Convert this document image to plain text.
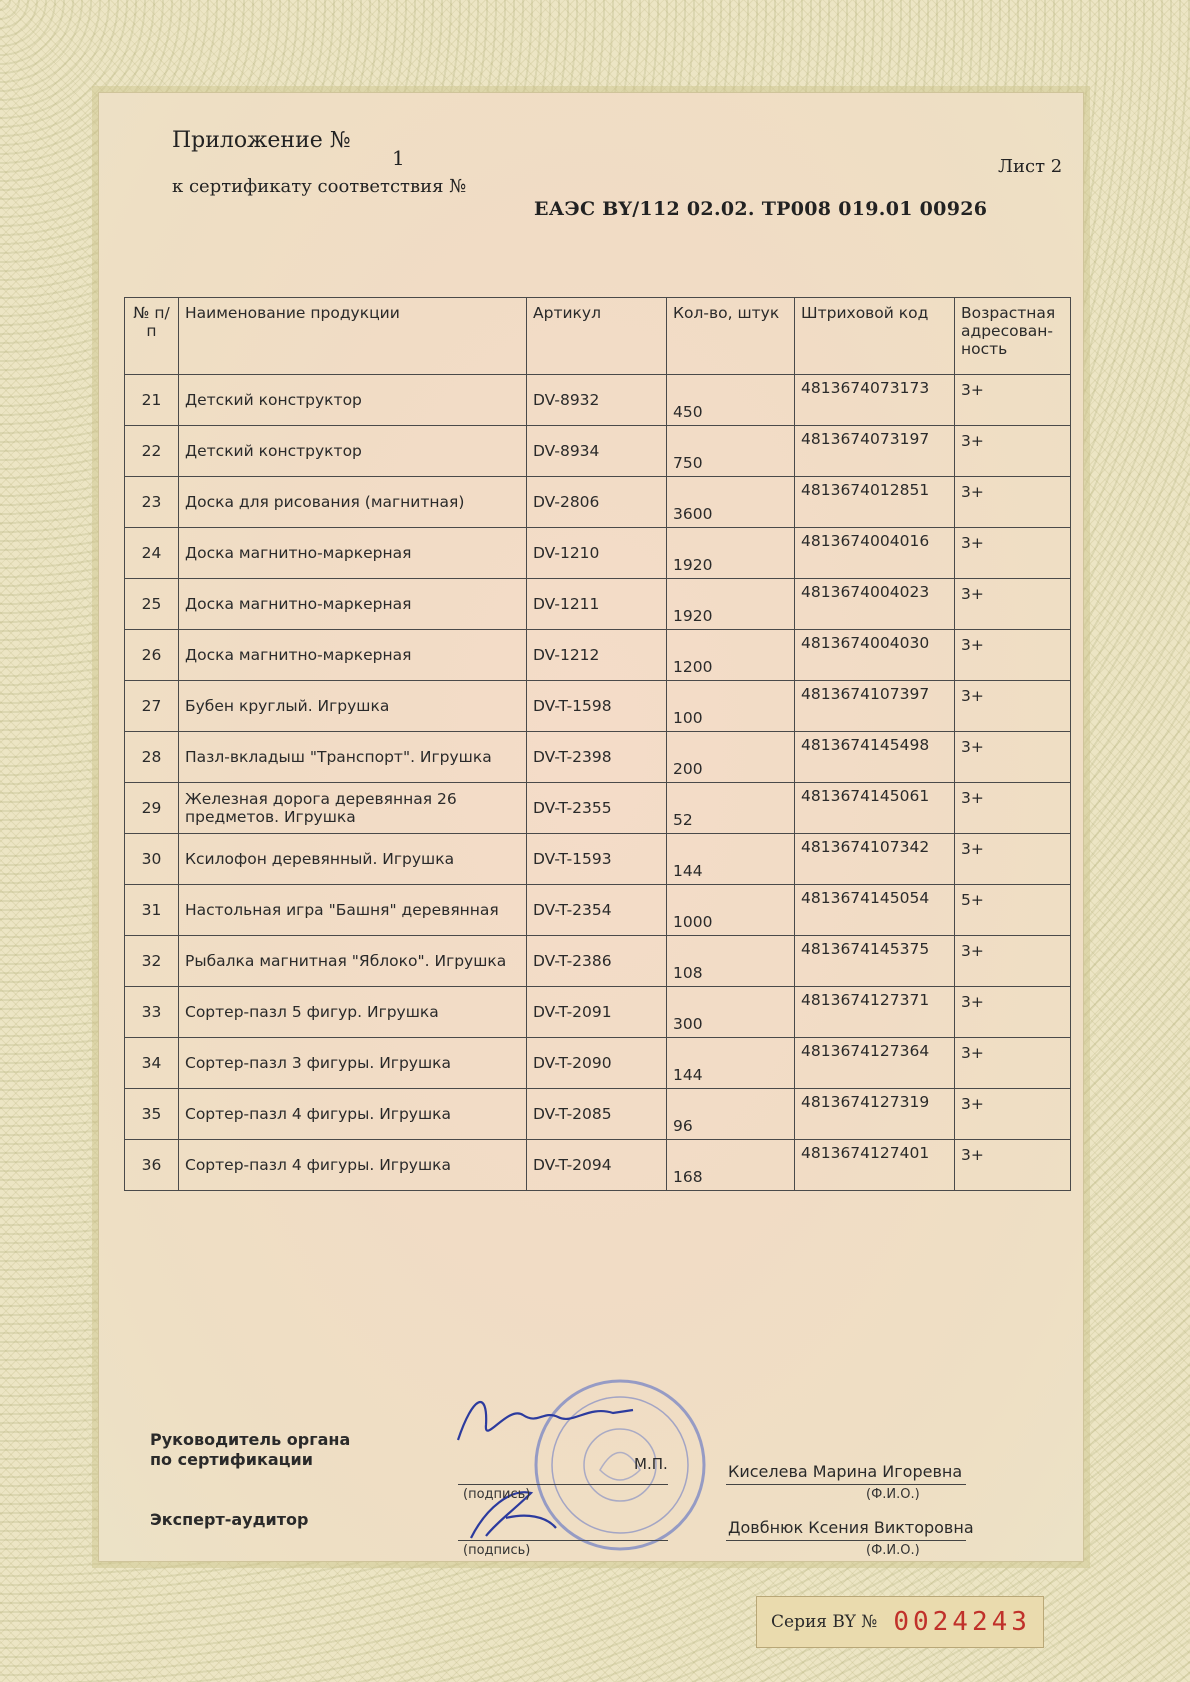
Приложение №
1
к сертификату соответствия №
Лист 2
ЕАЭС BY/112 02.02. ТР008 019.01 00926
№ п/п	Наименование продукции	Артикул	Кол-во, штук	Штриховой код	Возрастная адресован-ность
21	Детский конструктор	DV-8932	450	4813674073173	3+
22	Детский конструктор	DV-8934	750	4813674073197	3+
23	Доска для рисования (магнитная)	DV-2806	3600	4813674012851	3+
24	Доска магнитно-маркерная	DV-1210	1920	4813674004016	3+
25	Доска магнитно-маркерная	DV-1211	1920	4813674004023	3+
26	Доска магнитно-маркерная	DV-1212	1200	4813674004030	3+
27	Бубен круглый. Игрушка	DV-T-1598	100	4813674107397	3+
28	Пазл-вкладыш "Транспорт". Игрушка	DV-T-2398	200	4813674145498	3+
29	Железная дорога деревянная 26 предметов. Игрушка	DV-T-2355	52	4813674145061	3+
30	Ксилофон деревянный. Игрушка	DV-T-1593	144	4813674107342	3+
31	Настольная игра "Башня" деревянная	DV-T-2354	1000	4813674145054	5+
32	Рыбалка магнитная "Яблоко". Игрушка	DV-T-2386	108	4813674145375	3+
33	Сортер-пазл 5 фигур. Игрушка	DV-T-2091	300	4813674127371	3+
34	Сортер-пазл 3 фигуры. Игрушка	DV-T-2090	144	4813674127364	3+
35	Сортер-пазл 4 фигуры. Игрушка	DV-T-2085	96	4813674127319	3+
36	Сортер-пазл 4 фигуры. Игрушка	DV-T-2094	168	4813674127401	3+
Руководитель органа по сертификации
Эксперт-аудитор
(подпись)
(подпись)
М.П.	Киселева Марина Игоревна
(Ф.И.О.)
Довбнюк Ксения Викторовна
(Ф.И.О.)
Серия BY № 0024243
